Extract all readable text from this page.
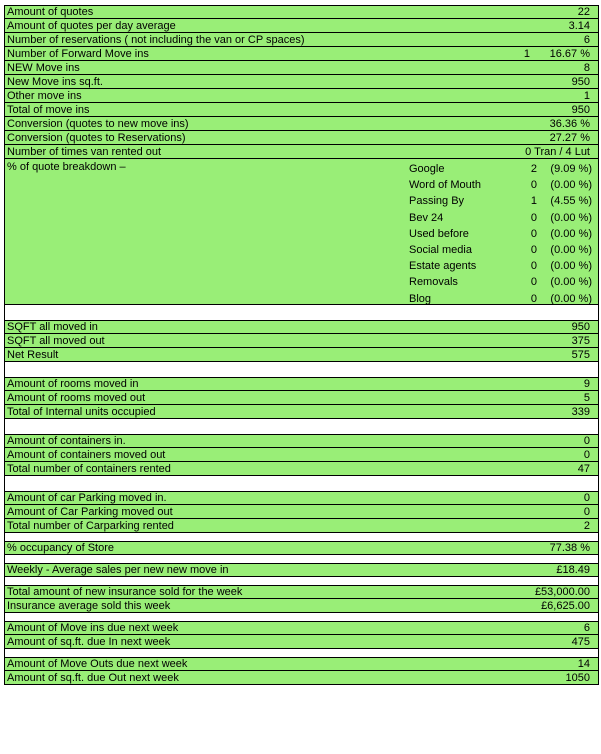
Amount of quotes	22
Amount of quotes per day average	3.14
Number of reservations ( not including the van or CP spaces)	6
Number of Forward Move ins	1	16.67 %
NEW Move ins	8
New Move ins sq.ft.	950
Other move ins	1
Total of move ins	950
Conversion (quotes to new move ins)	36.36 %
Conversion (quotes to Reservations)	27.27 %
Number of times van rented out	0 Tran / 4 Lut
% of quote breakdown –	Google	2	(9.09 %)
Word of Mouth	0	(0.00 %)
Passing By	1	(4.55 %)
Bev 24	0	(0.00 %)
Used before	0	(0.00 %)
Social media	0	(0.00 %)
Estate agents	0	(0.00 %)
Removals	0	(0.00 %)
Blog	0	(0.00 %)
SQFT all moved in	950
SQFT all moved out	375
Net Result	575
Amount of rooms moved in	9
Amount of rooms moved out	5
Total of Internal units occupied	339
Amount of containers in.	0
Amount of containers moved out	0
Total number of containers rented	47
Amount of car Parking moved in.	0
Amount of Car Parking moved out	0
Total number of Carparking rented	2
% occupancy of Store	77.38 %
Weekly - Average sales per new new move in	£18.49
Total amount of new insurance sold for the week	£53,000.00
Insurance average sold this week	£6,625.00
Amount of Move ins due next week	6
Amount of sq.ft. due In next week	475
Amount of Move Outs due next week	14
Amount of sq.ft. due Out next week	1050
